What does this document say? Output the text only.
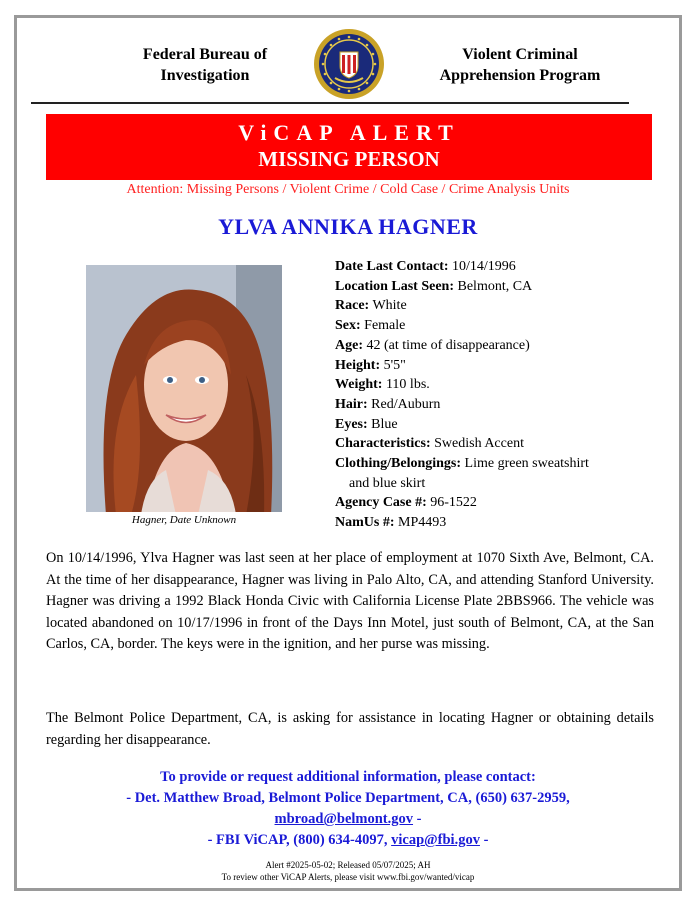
Federal Bureau of
Investigation
Violent Criminal
Apprehension Program
ViCAP ALERT
MISSING PERSON
Attention: Missing Persons / Violent Crime / Cold Case / Crime Analysis Units
YLVA ANNIKA HAGNER
Hagner, Date Unknown
Date Last Contact: 10/14/1996
Location Last Seen: Belmont, CA
Race: White
Sex: Female
Age: 42 (at time of disappearance)
Height: 5'5"
Weight: 110 lbs.
Hair: Red/Auburn
Eyes: Blue
Characteristics: Swedish Accent
Clothing/Belongings: Lime green sweatshirt
and blue skirt
Agency Case #: 96-1522
NamUs #: MP4493
On 10/14/1996, Ylva Hagner was last seen at her place of employment at 1070 Sixth Ave, Belmont, CA. At the time of her disappearance, Hagner was living in Palo Alto, CA, and attending Stanford University. Hagner was driving a 1992 Black Honda Civic with California License Plate 2BBS966. The vehicle was located abandoned on 10/17/1996 in front of the Days Inn Motel, just south of Belmont, CA, at the San Carlos, CA, border. The keys were in the ignition, and her purse was missing.
The Belmont Police Department, CA, is asking for assistance in locating Hagner or obtaining details regarding her disappearance.
To provide or request additional information, please contact:
- Det. Matthew Broad, Belmont Police Department, CA, (650) 637-2959,
mbroad@belmont.gov -
- FBI ViCAP, (800) 634-4097, vicap@fbi.gov -
Alert #2025-05-02; Released 05/07/2025; AH
To review other ViCAP Alerts, please visit www.fbi.gov/wanted/vicap
